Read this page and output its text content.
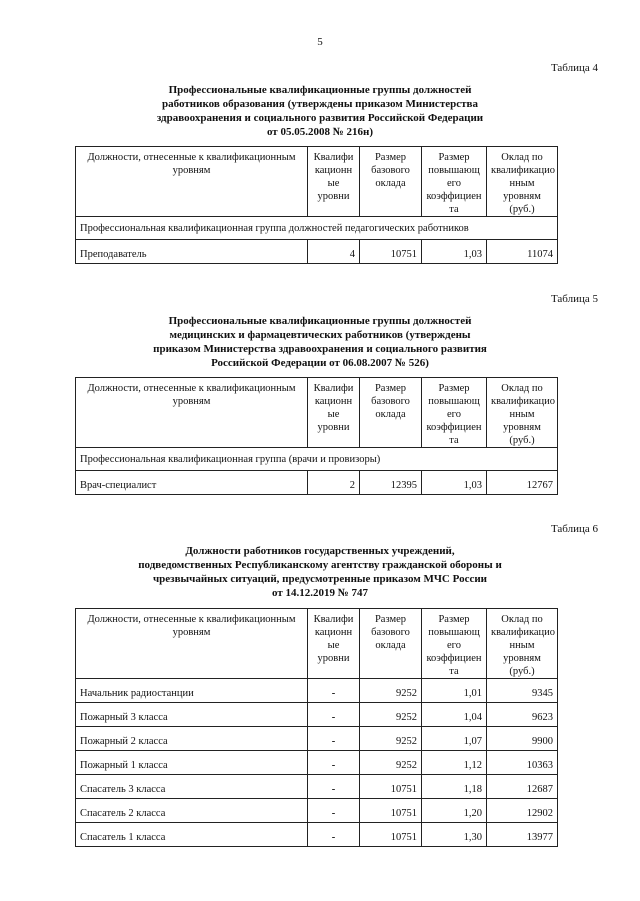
5
Таблица 4
Профессиональные квалификационные группы должностей
работников образования (утверждены приказом Министерства
здравоохранения и социального развития Российской Федерации
от 05.05.2008 № 216н)
Должности, отнесенные к квалификационным уровням	Квалифи кационн ые уровни	Размер базового оклада	Размер повышающ его коэффициен та	Оклад по квалификацио нным уровням (руб.)
Профессиональная квалификационная группа должностей педагогических работников				
Преподаватель	4	10751	1,03	11074
Таблица 5
Профессиональные квалификационные группы должностей
медицинских и фармацевтических работников (утверждены
приказом Министерства здравоохранения и социального развития
Российской Федерации от 06.08.2007 № 526)
Должности, отнесенные к квалификационным уровням	Квалифи кационн ые уровни	Размер базового оклада	Размер повышающ его коэффициен та	Оклад по квалификацио нным уровням (руб.)
Профессиональная квалификационная группа (врачи и провизоры)				
Врач-специалист	2	12395	1,03	12767
Таблица 6
Должности работников государственных учреждений,
подведомственных Республиканскому агентству гражданской обороны и
чрезвычайных ситуаций, предусмотренные приказом МЧС России
от 14.12.2019 № 747
Должности, отнесенные к квалификационным уровням	Квалифи кационн ые уровни	Размер базового оклада	Размер повышающ его коэффициен та	Оклад по квалификацио нным уровням (руб.)
Начальник радиостанции	-	9252	1,01	9345
Пожарный 3 класса	-	9252	1,04	9623
Пожарный 2 класса	-	9252	1,07	9900
Пожарный 1 класса	-	9252	1,12	10363
Спасатель 3 класса	-	10751	1,18	12687
Спасатель 2 класса	-	10751	1,20	12902
Спасатель 1 класса	-	10751	1,30	13977
